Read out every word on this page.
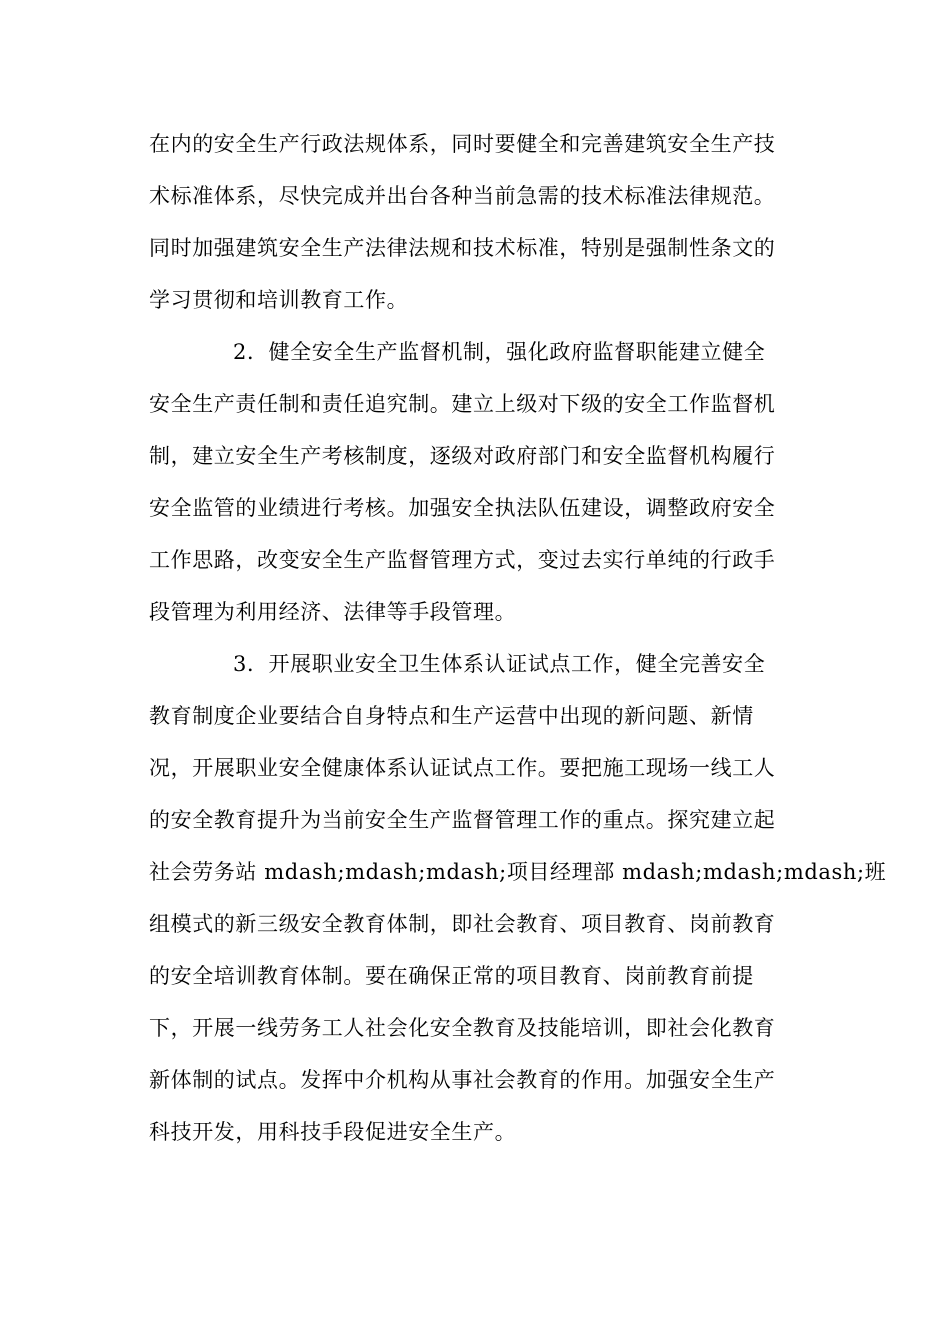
在内的安全生产行政法规体系，同时要健全和完善建筑安全生产技
术标准体系，尽快完成并出台各种当前急需的技术标准法律规范。
同时加强建筑安全生产法律法规和技术标准，特别是强制性条文的
学习贯彻和培训教育工作。
2．健全安全生产监督机制，强化政府监督职能建立健全
安全生产责任制和责任追究制。建立上级对下级的安全工作监督机
制，建立安全生产考核制度，逐级对政府部门和安全监督机构履行
安全监管的业绩进行考核。加强安全执法队伍建设，调整政府安全
工作思路，改变安全生产监督管理方式，变过去实行单纯的行政手
段管理为利用经济、法律等手段管理。
3．开展职业安全卫生体系认证试点工作，健全完善安全
教育制度企业要结合自身特点和生产运营中出现的新问题、新情
况，开展职业安全健康体系认证试点工作。要把施工现场一线工人
的安全教育提升为当前安全生产监督管理工作的重点。探究建立起
社会劳务站 mdash;mdash;mdash;项目经理部 mdash;mdash;mdash;班
组模式的新三级安全教育体制，即社会教育、项目教育、岗前教育
的安全培训教育体制。要在确保正常的项目教育、岗前教育前提
下，开展一线劳务工人社会化安全教育及技能培训，即社会化教育
新体制的试点。发挥中介机构从事社会教育的作用。加强安全生产
科技开发，用科技手段促进安全生产。
